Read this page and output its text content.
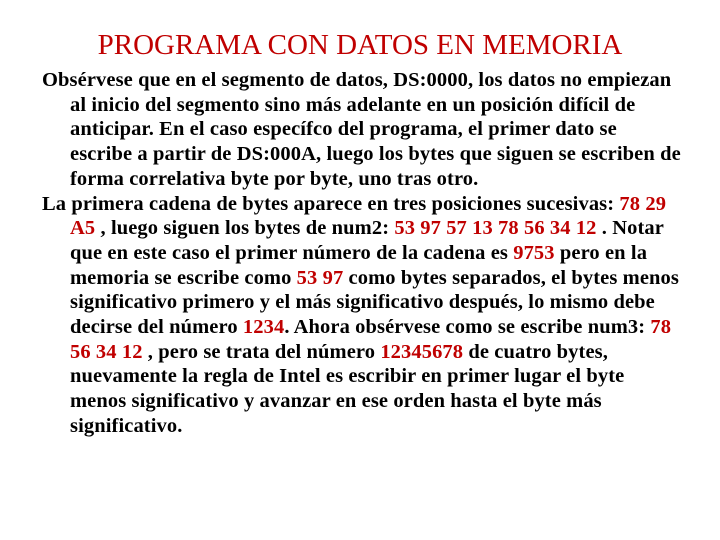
PROGRAMA CON DATOS EN MEMORIA

Obsérvese que en el segmento de datos, DS:0000, los datos no empiezan al inicio del segmento sino más adelante en un posición difícil de anticipar. En el caso específco del programa, el primer dato se escribe a partir de DS:000A, luego los bytes que siguen se escriben de forma correlativa byte por byte, uno tras otro.

La primera cadena de bytes aparece en tres posiciones sucesivas: 78 29 A5 , luego siguen los bytes de num2: 53 97 57 13 78 56 34 12 . Notar que en este caso el primer número de la cadena es 9753 pero en la memoria se escribe como 53 97 como bytes separados, el bytes menos significativo primero y el más significativo después, lo mismo debe decirse del número 1234. Ahora obsérvese como se escribe num3: 78 56 34 12 , pero se trata del número 12345678 de cuatro bytes, nuevamente la regla de Intel es escribir en primer lugar el byte menos significativo y avanzar en ese orden hasta el byte más significativo.
